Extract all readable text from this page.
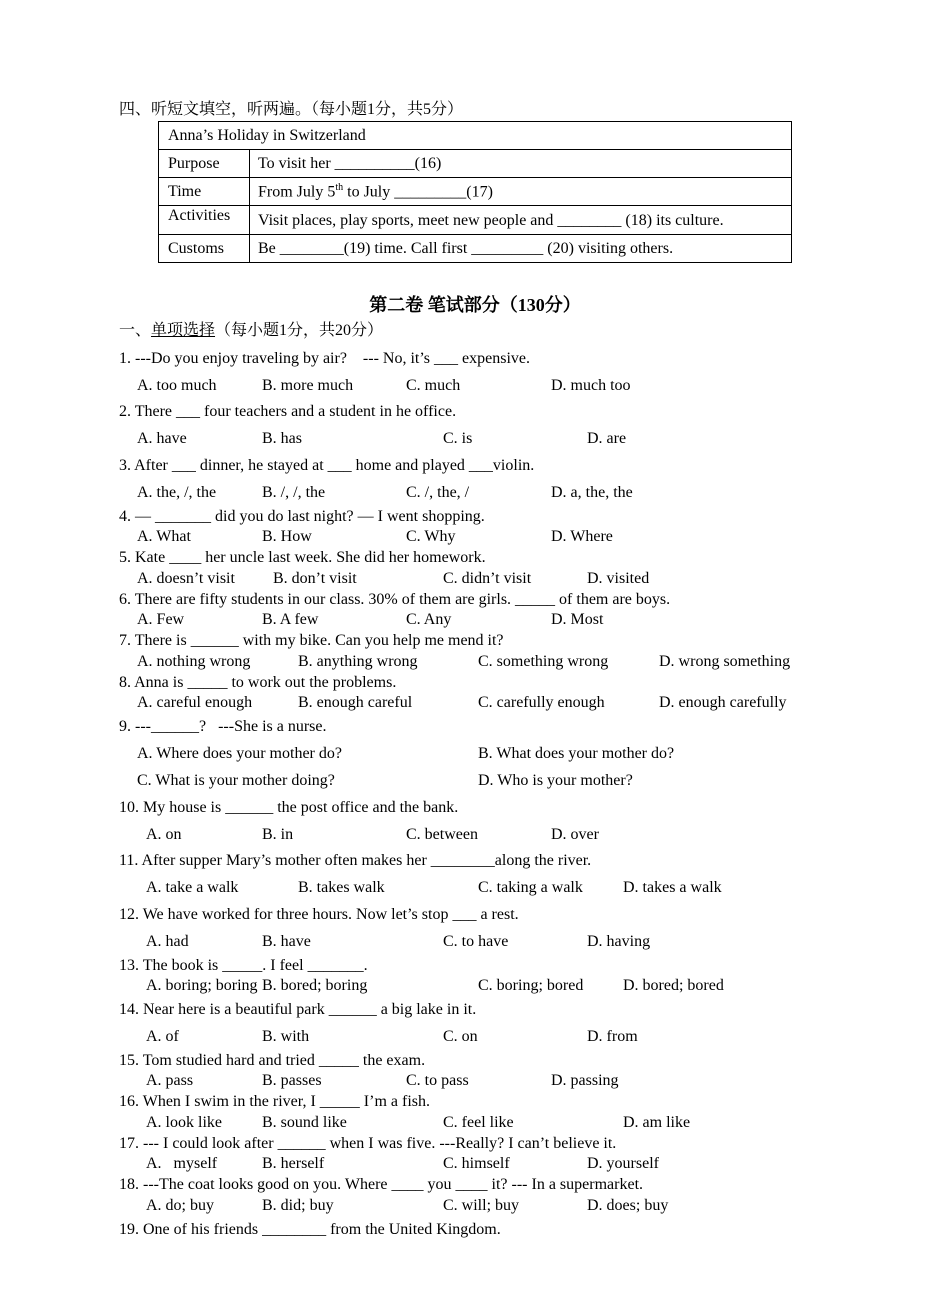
四、听短文填空，听两遍。（每小题1分，共5分）
Anna’s Holiday in Switzerland	
Purpose	To visit her __________(16)
Time	From July 5th to July _________(17)
Activities	Visit places, play sports, meet new people and ________ (18) its culture.
Customs	Be ________(19) time. Call first _________ (20) visiting others.
第二卷 笔试部分（130分）
一、单项选择（每小题1分，共20分）
1. ---Do you enjoy traveling by air?    --- No, it’s ___ expensive.
A. too much	B. more much	C. much	D. much too
2. There ___ four teachers and a student in he office.
A. have	B. has	C. is	D. are
3. After ___ dinner, he stayed at ___ home and played ___violin.
A. the, /, the	B. /, /, the	C. /, the, /	D. a, the, the
4. — _______ did you do last night? — I went shopping.
A. What	B. How	C. Why	D. Where
5. Kate ____ her uncle last week. She did her homework.
A. doesn’t visit B. don’t visit	C. didn’t visit	D. visited
6. There are fifty students in our class. 30% of them are girls. _____ of them are boys.
A. Few	B. A few	C. Any	D. Most
7. There is ______ with my bike. Can you help me mend it?
A. nothing wrong	B. anything wrong	C. something wrong	D. wrong something
8. Anna is _____ to work out the problems.
A. careful enough	B. enough careful	C. carefully enough	D. enough carefully
9. ---______?   ---She is a nurse.
A. Where does your mother do?	B. What does your mother do?
C. What is your mother doing?	D. Who is your mother?
10. My house is ______ the post office and the bank.
A. on	B. in	C. between	D. over
11. After supper Mary’s mother often makes her ________along the river.
A. take a walk	B. takes walk	C. taking a walk	D. takes a walk
12. We have worked for three hours. Now let’s stop ___ a rest.
A. had	B. have	C. to have	D. having
13. The book is _____. I feel _______.
A. boring; boring B. bored; boring	C. boring; bored D. bored; bored
14. Near here is a beautiful park ______ a big lake in it.
A. of	B. with	C. on	D. from
15. Tom studied hard and tried _____ the exam.
A. pass	B. passes	C. to pass	D. passing
16. When I swim in the river, I _____ I’m a fish.
A. look like	B. sound like	C. feel like	D. am like
17. --- I could look after ______ when I was five. ---Really? I can’t believe it.
A.   myself	B. herself	C. himself	D. yourself
18. ---The coat looks good on you. Where ____ you ____ it? --- In a supermarket.
A. do; buy	B. did; buy	C. will; buy	D. does; buy
19. One of his friends ________ from the United Kingdom.
